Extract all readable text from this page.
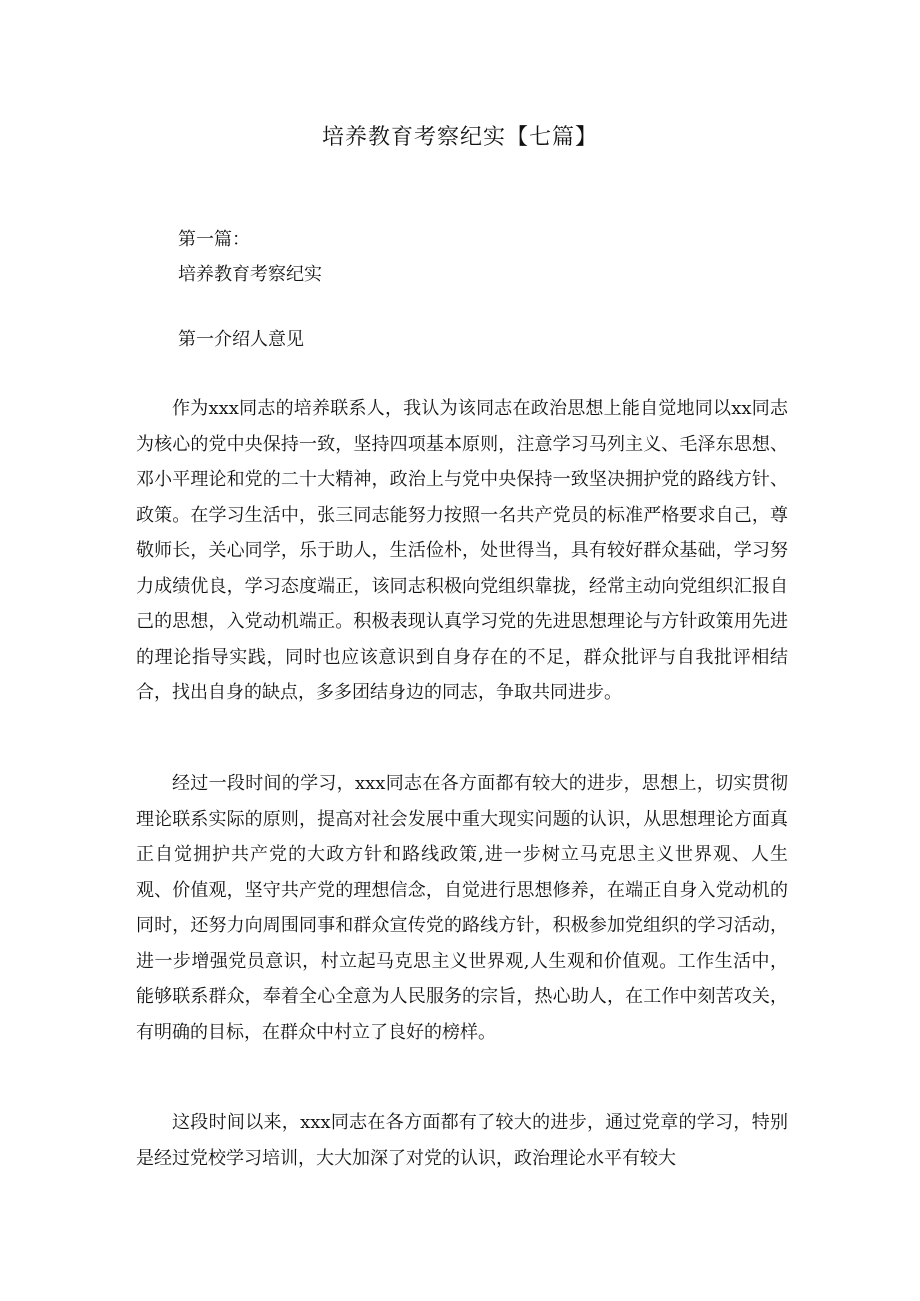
培养教育考察纪实【七篇】

第一篇：

培养教育考察纪实

第一介绍人意见

作为xxx同志的培养联系人，我认为该同志在政治思想上能自觉地同以xx同志为核心的党中央保持一致，坚持四项基本原则，注意学习马列主义、毛泽东思想、邓小平理论和党的二十大精神，政治上与党中央保持一致坚决拥护党的路线方针、政策。在学习生活中，张三同志能努力按照一名共产党员的标准严格要求自己，尊敬师长，关心同学，乐于助人，生活俭朴，处世得当，具有较好群众基础，学习努力成绩优良，学习态度端正，该同志积极向党组织靠拢，经常主动向党组织汇报自己的思想，入党动机端正。积极表现认真学习党的先进思想理论与方针政策用先进的理论指导实践，同时也应该意识到自身存在的不足，群众批评与自我批评相结合，找出自身的缺点，多多团结身边的同志，争取共同进步。

经过一段时间的学习，xxx同志在各方面都有较大的进步，思想上，切实贯彻理论联系实际的原则，提高对社会发展中重大现实问题的认识，从思想理论方面真正自觉拥护共产党的大政方针和路线政策,进一步树立马克思主义世界观、人生观、价值观，坚守共产党的理想信念，自觉进行思想修养，在端正自身入党动机的同时，还努力向周围同事和群众宣传党的路线方针，积极参加党组织的学习活动，进一步增强党员意识，村立起马克思主义世界观,人生观和价值观。工作生活中，能够联系群众，奉着全心全意为人民服务的宗旨，热心助人，在工作中刻苦攻关，有明确的目标，在群众中村立了良好的榜样。

这段时间以来，xxx同志在各方面都有了较大的进步，通过党章的学习，特别是经过党校学习培训，大大加深了对党的认识，政治理论水平有较大
